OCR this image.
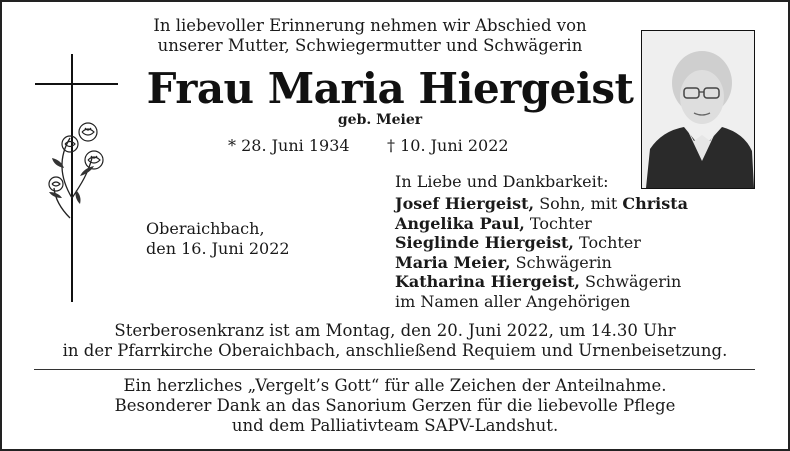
In liebevoller Erinnerung nehmen wir Abschied von
unserer Mutter, Schwiegermutter und Schwägerin
Frau Maria Hiergeist
geb. Meier
* 28. Juni 1934 † 10. Juni 2022
Oberaichbach,
den 16. Juni 2022
In Liebe und Dankbarkeit:
Josef Hiergeist, Sohn, mit Christa
Angelika Paul, Tochter
Sieglinde Hiergeist, Tochter
Maria Meier, Schwägerin
Katharina Hiergeist, Schwägerin
im Namen aller Angehörigen
Sterberosenkranz ist am Montag, den 20. Juni 2022, um 14.30 Uhr
in der Pfarrkirche Oberaichbach, anschließend Requiem und Urnenbeisetzung.
Ein herzliches „Vergelt’s Gott“ für alle Zeichen der Anteilnahme.
Besonderer Dank an das Sanorium Gerzen für die liebevolle Pflege
und dem Palliativteam SAPV-Landshut.
